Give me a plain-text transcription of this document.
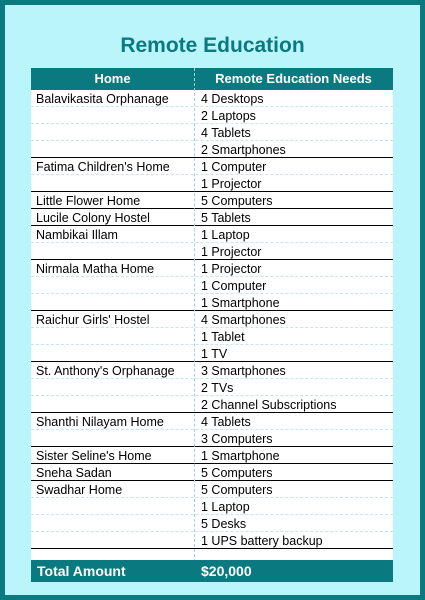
Remote Education
Home	Remote Education Needs
Balavikasita Orphanage	4 Desktops
2 Laptops
4 Tablets
2 Smartphones
Fatima Children's Home	1 Computer
1 Projector
Little Flower Home	5 Computers
Lucile Colony Hostel	5 Tablets
Nambikai Illam	1 Laptop
1 Projector
Nirmala Matha Home	1 Projector
1 Computer
1 Smartphone
Raichur Girls' Hostel	4 Smartphones
1 Tablet
1 TV
St. Anthony's Orphanage 3 Smartphones
2 TVs
2 Channel Subscriptions
Shanthi Nilayam Home	4 Tablets
3 Computers
Sister Seline's Home	1 Smartphone
Sneha Sadan	5 Computers
Swadhar Home	5 Computers
1 Laptop
5 Desks
1 UPS battery backup
Total Amount	$20,000
